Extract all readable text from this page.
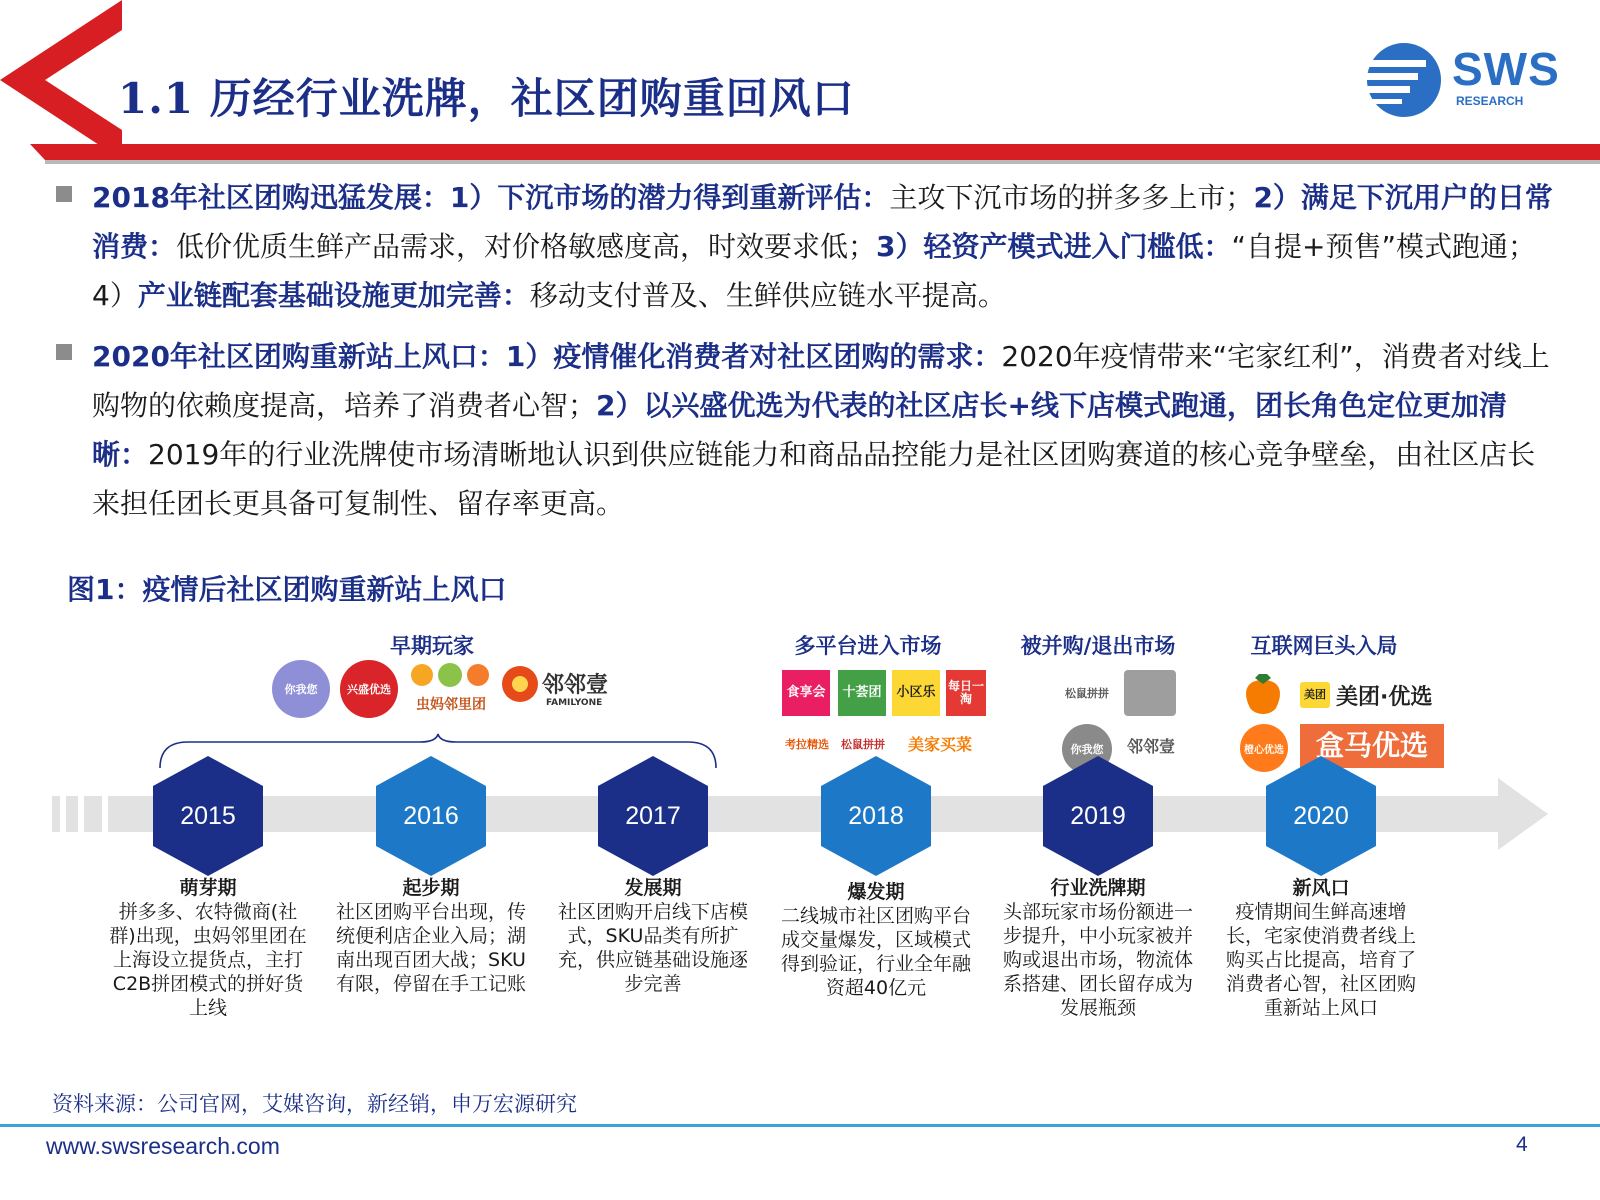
1.1 历经行业洗牌，社区团购重回风口
SWS
RESEARCH
2018年社区团购迅猛发展：1）下沉市场的潜力得到重新评估：主攻下沉市场的拼多多上市；2）满足下沉用户的日常消费：低价优质生鲜产品需求，对价格敏感度高，时效要求低；3）轻资产模式进入门槛低：“自提+预售”模式跑通；4）产业链配套基础设施更加完善：移动支付普及、生鲜供应链水平提高。
2020年社区团购重新站上风口：1）疫情催化消费者对社区团购的需求：2020年疫情带来“宅家红利”，消费者对线上购物的依赖度提高，培养了消费者心智；2）以兴盛优选为代表的社区店长+线下店模式跑通，团长角色定位更加清晰：2019年的行业洗牌使市场清晰地认识到供应链能力和商品品控能力是社区团购赛道的核心竞争壁垒，由社区店长来担任团长更具备可复制性、留存率更高。
图1：疫情后社区团购重新站上风口
早期玩家	多平台进入市场	被并购/退出市场	互联网巨头入局
你我您	兴盛优选
虫妈邻里团
邻邻壹
FAMILYONE
食享会	十荟团	小区乐	每日一淘
考拉精选 松鼠拼拼	美家买菜
松鼠拼拼
你我您	邻邻壹
美团 美团·优选
橙心优选	盒马优选
2015
萌芽期
拼多多、农特微商(社群)出现，虫妈邻里团在上海设立提货点，主打C2B拼团模式的拼好货上线
2016
起步期
社区团购平台出现，传统便利店企业入局；湖南出现百团大战；SKU有限，停留在手工记账
2017
发展期
社区团购开启线下店模式，SKU品类有所扩充，供应链基础设施逐步完善
2018
爆发期
二线城市社区团购平台成交量爆发，区域模式得到验证，行业全年融资超40亿元
2019
行业洗牌期
头部玩家市场份额进一步提升，中小玩家被并购或退出市场，物流体系搭建、团长留存成为发展瓶颈
2020
新风口
疫情期间生鲜高速增长，宅家使消费者线上购买占比提高，培育了消费者心智，社区团购重新站上风口
资料来源：公司官网，艾媒咨询，新经销，申万宏源研究
www.swsresearch.com	4
